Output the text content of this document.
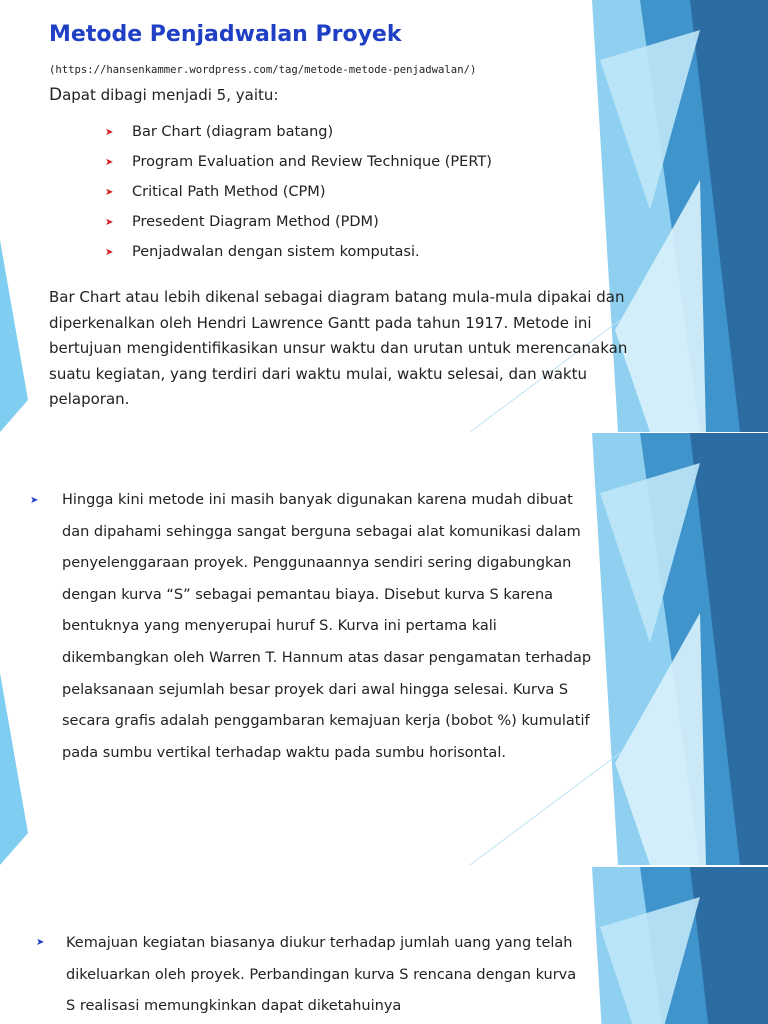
Metode Penjadwalan Proyek
(https://hansenkammer.wordpress.com/tag/metode-metode-penjadwalan/)
Dapat dibagi menjadi 5, yaitu:
➤	Bar Chart (diagram batang)
➤	Program Evaluation and Review Technique (PERT)
➤	Critical Path Method (CPM)
➤	Presedent Diagram Method (PDM)
➤	Penjadwalan dengan sistem komputasi.

Bar Chart atau lebih dikenal sebagai diagram batang mula-mula dipakai dan diperkenalkan oleh Hendri Lawrence Gantt pada tahun 1917. Metode ini bertujuan mengidentifikasikan unsur waktu dan urutan untuk merencanakan suatu kegiatan, yang terdiri dari waktu mulai, waktu selesai, dan waktu pelaporan.

➤ Hingga kini metode ini masih banyak digunakan karena mudah dibuat dan dipahami sehingga sangat berguna sebagai alat komunikasi dalam penyelenggaraan proyek. Penggunaannya sendiri sering digabungkan dengan kurva “S” sebagai pemantau biaya. Disebut kurva S karena bentuknya yang menyerupai huruf S. Kurva ini pertama kali dikembangkan oleh Warren T. Hannum atas dasar pengamatan terhadap pelaksanaan sejumlah besar proyek dari awal hingga selesai. Kurva S secara grafis adalah penggambaran kemajuan kerja (bobot %) kumulatif pada sumbu vertikal terhadap waktu pada sumbu horisontal.

➤ Kemajuan kegiatan biasanya diukur terhadap jumlah uang yang telah dikeluarkan oleh proyek. Perbandingan kurva S rencana dengan kurva S realisasi memungkinkan dapat diketahuinya
